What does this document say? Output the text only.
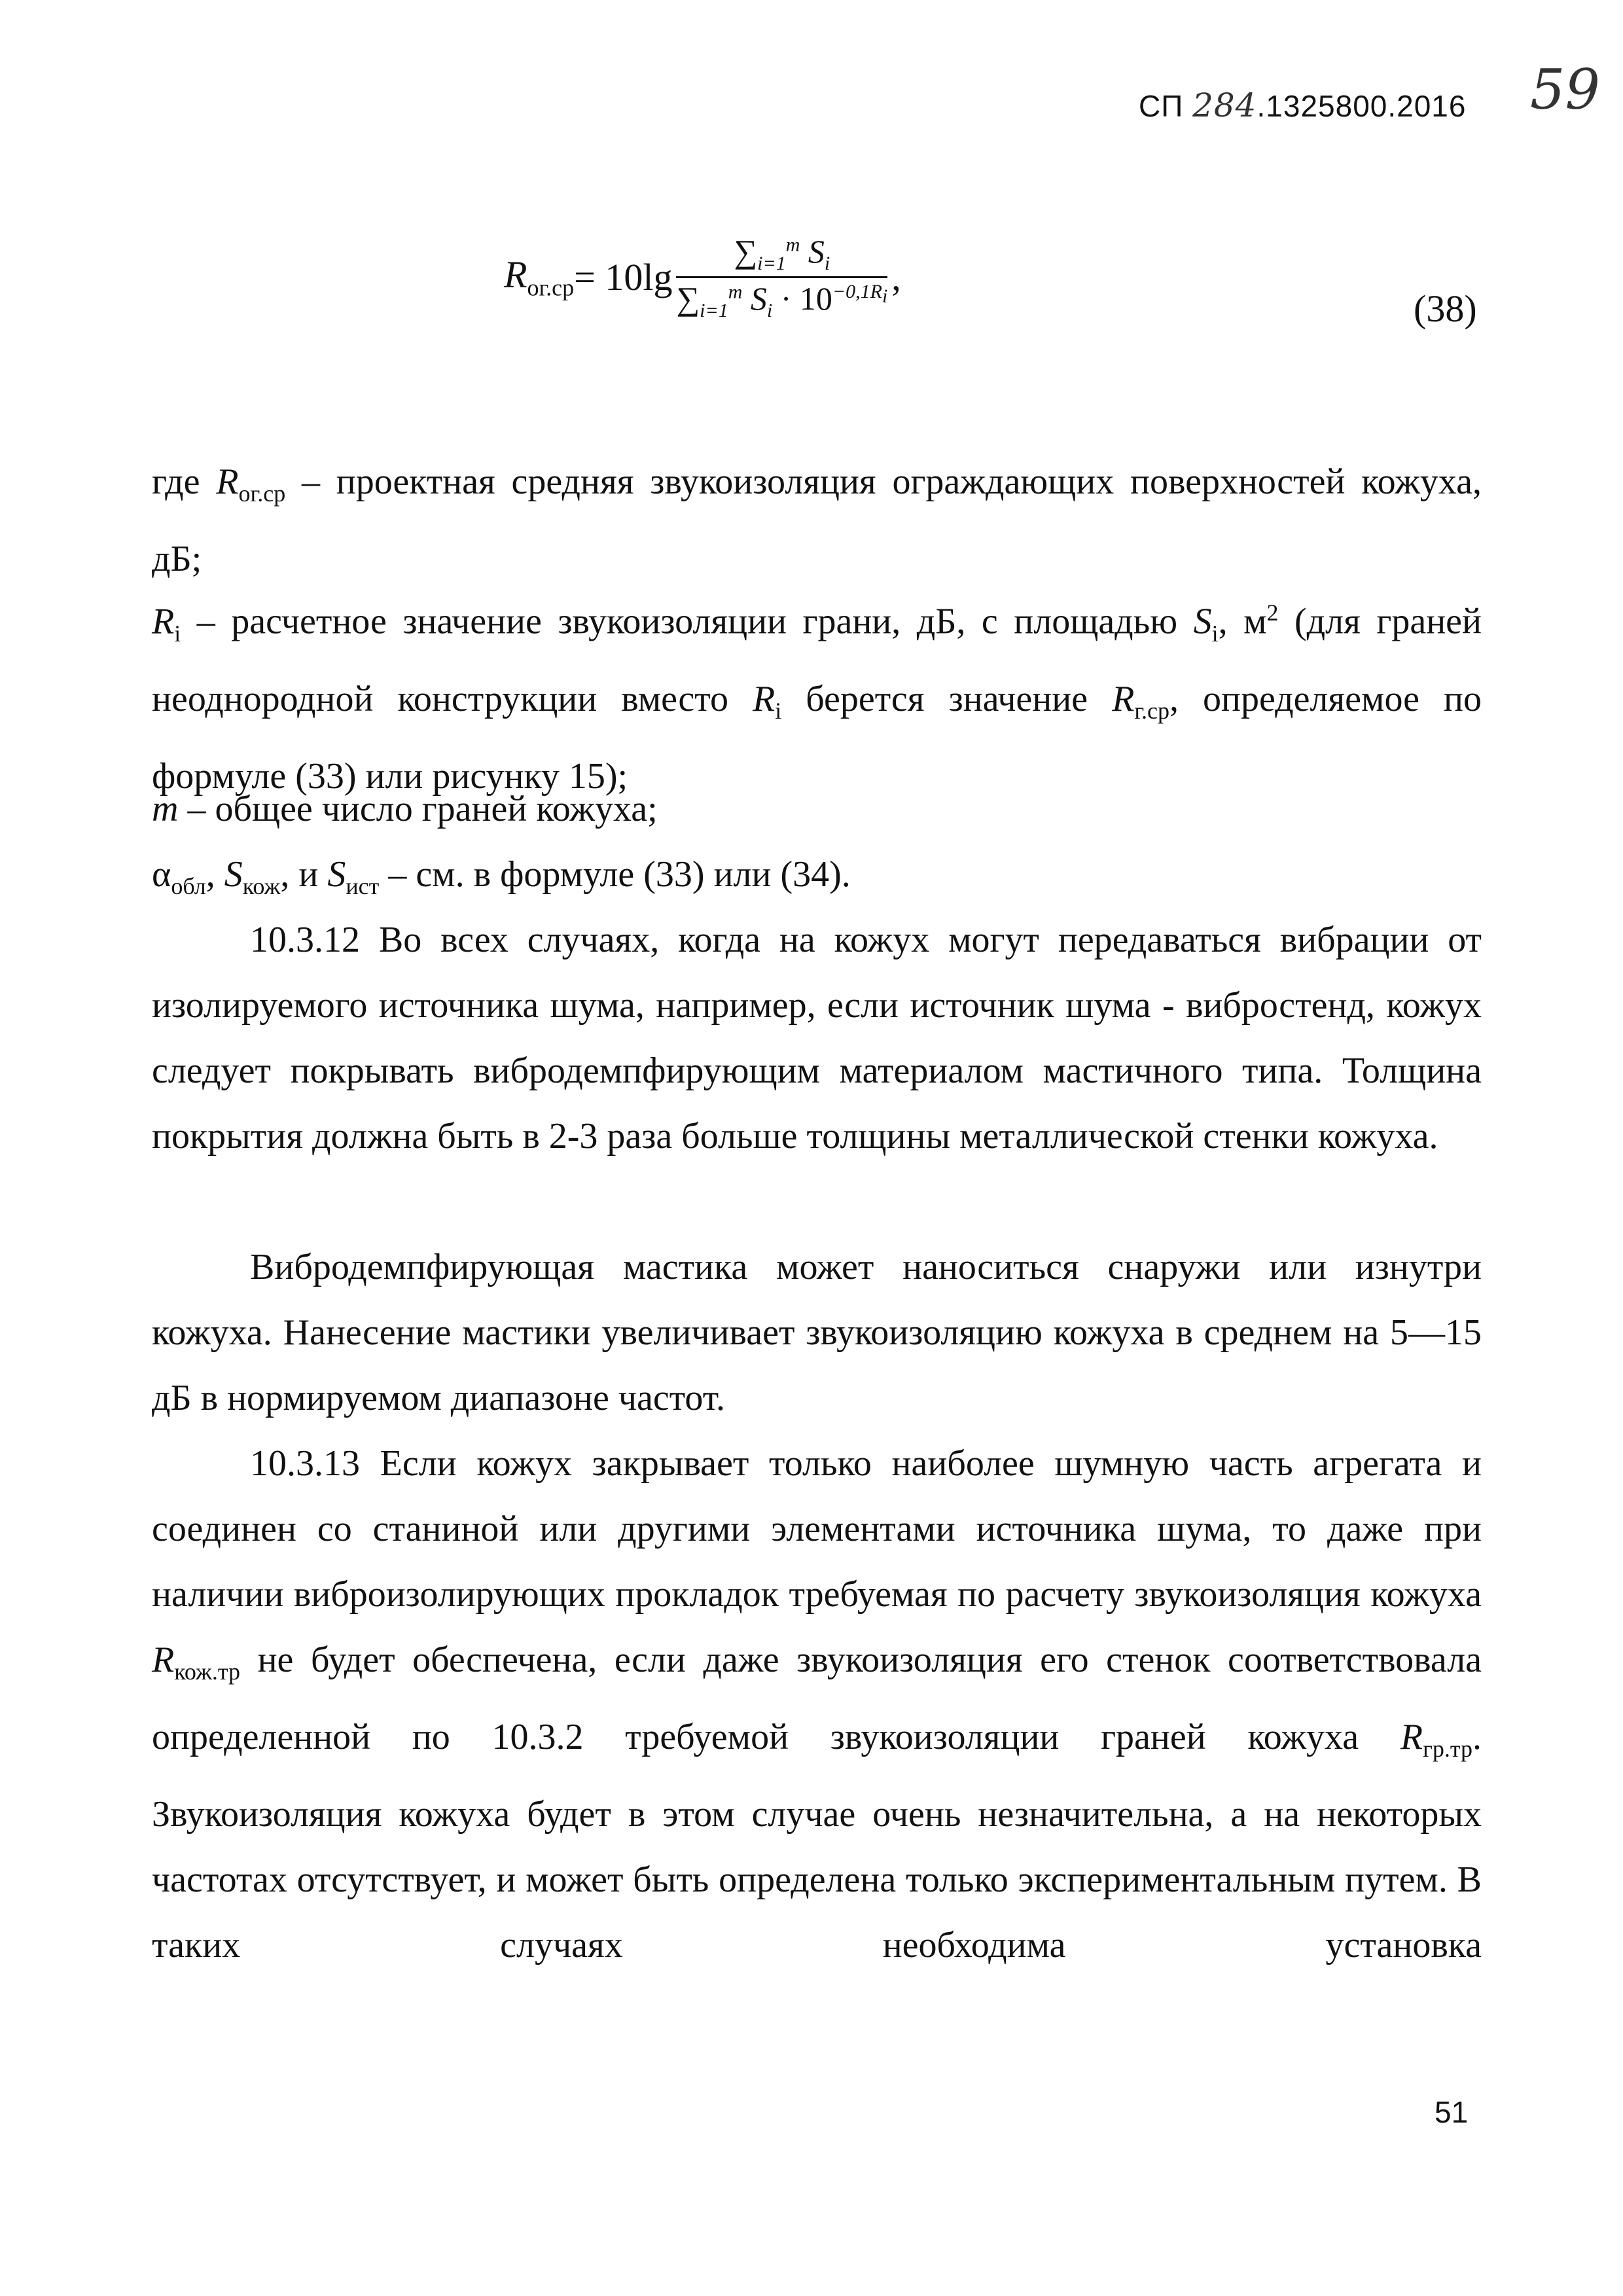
СП 284.1325800.2016 59
$R_{ог.ср}= 10\lg \frac{\sum_{i=1}^m S_i}{\sum_{i=1}^m S_i \cdot 10^{-0,1R_i}}$ ,
(38)
где $R_{ог.ср}$ – проектная средняя звукоизоляция ограждающих поверхностей кожуха, дБ;
$R_i$ – расчетное значение звукоизоляции грани, дБ, с площадью $S_i$, $м^2$ (для граней неоднородной конструкции вместо $R_i$ берется значение $R_{г.ср}$, определяемое по формуле (33) или рисунку 15);
m – общее число граней кожуха;
$\alpha_{обл}$, $S_{кож}$, и $S_{ист}$ – см. в формуле (33) или (34).
10.3.12 Во всех случаях, когда на кожух могут передаваться вибрации от изолируемого источника шума, например, если источник шума - вибростенд, кожух следует покрывать вибродемпфирующим материалом мастичного типа. Толщина покрытия должна быть в 2-3 раза больше толщины металлической стенки кожуха.
Вибродемпфирующая мастика может наноситься снаружи или изнутри кожуха. Нанесение мастики увеличивает звукоизоляцию кожуха в среднем на 5—15 дБ в нормируемом диапазоне частот.
10.3.13 Если кожух закрывает только наиболее шумную часть агрегата и соединен со станиной или другими элементами источника шума, то даже при наличии виброизолирующих прокладок требуемая по расчету звукоизоляция кожуха $R_{кож.тр}$ не будет обеспечена, если даже звукоизоляция его стенок соответствовала определенной по 10.3.2 требуемой звукоизоляции граней кожуха $R_{гр.тр}$. Звукоизоляция кожуха будет в этом случае очень незначительна, а на некоторых частотах отсутствует, и может быть определена только экспериментальным путем. В таких случаях необходима установка
51
